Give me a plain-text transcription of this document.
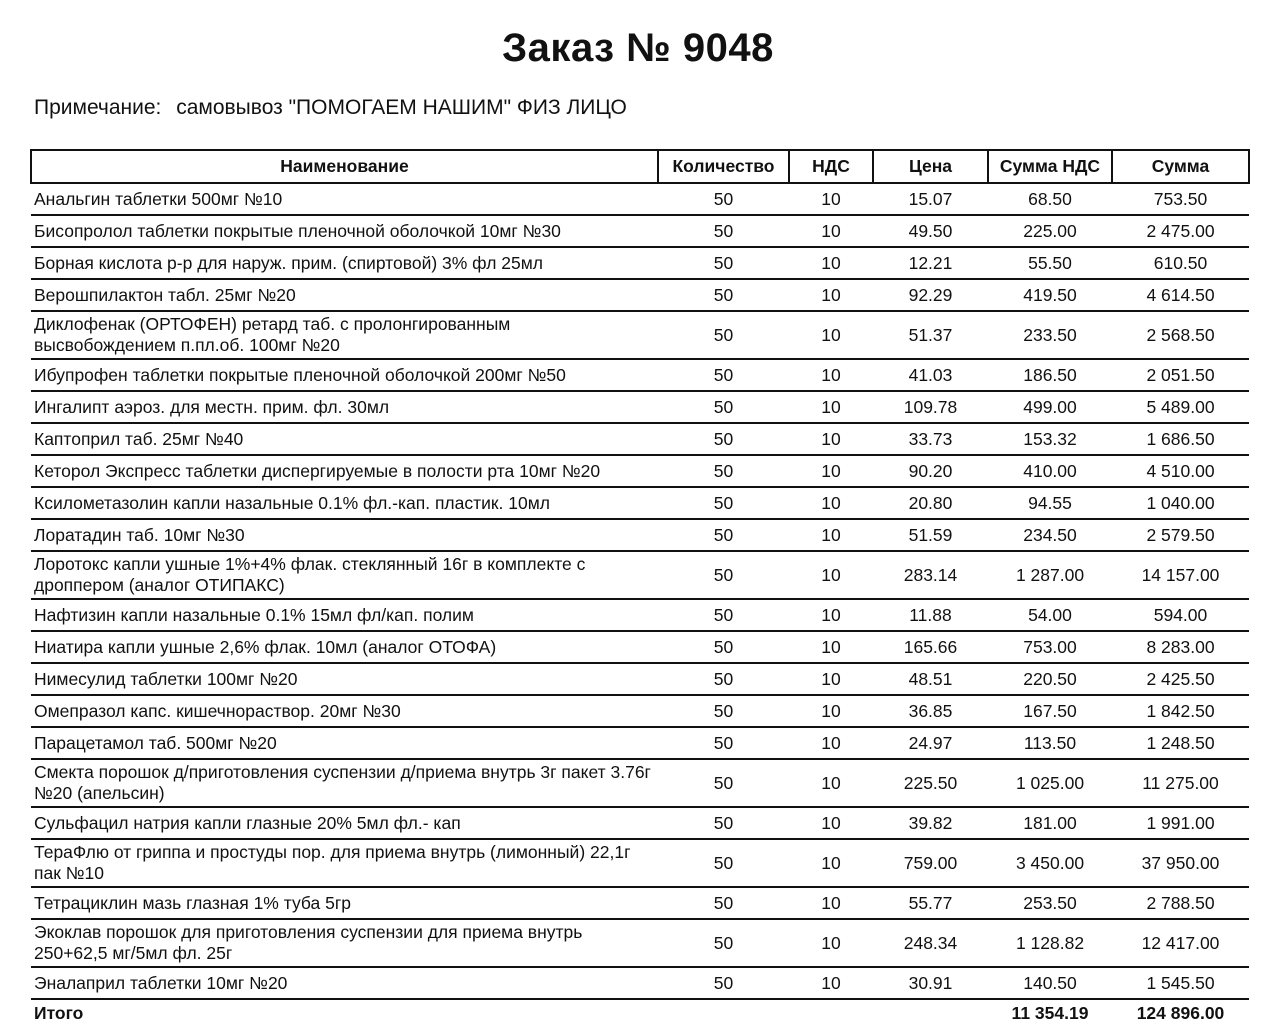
Заказ № 9048
Примечание: самовывоз "ПОМОГАЕМ НАШИМ" ФИЗ ЛИЦО
Наименование	Количество	НДС	Цена	Сумма НДС	Сумма
Анальгин таблетки 500мг №10	50	10	15.07	68.50	753.50
Бисопролол таблетки покрытые пленочной оболочкой 10мг №30	50	10	49.50	225.00	2 475.00
Борная кислота р-р для наруж. прим. (спиртовой) 3% фл 25мл	50	10	12.21	55.50	610.50
Верошпилактон табл. 25мг №20	50	10	92.29	419.50	4 614.50
Диклофенак (ОРТОФЕН) ретард таб. с пролонгированным высвобождением п.пл.об. 100мг №20	50	10	51.37	233.50	2 568.50
Ибупрофен таблетки покрытые пленочной оболочкой 200мг №50	50	10	41.03	186.50	2 051.50
Ингалипт аэроз. для местн. прим. фл. 30мл	50	10	109.78	499.00	5 489.00
Каптоприл таб. 25мг №40	50	10	33.73	153.32	1 686.50
Кеторол Экспресс таблетки диспергируемые в полости рта 10мг №20	50	10	90.20	410.00	4 510.00
Ксилометазолин капли назальные 0.1% фл.-кап. пластик. 10мл	50	10	20.80	94.55	1 040.00
Лоратадин таб. 10мг №30	50	10	51.59	234.50	2 579.50
Лоротокс капли ушные 1%+4% флак. стеклянный 16г в комплекте с дроппером (аналог ОТИПАКС)	50	10	283.14	1 287.00	14 157.00
Нафтизин капли назальные 0.1% 15мл фл/кап. полим	50	10	11.88	54.00	594.00
Ниатира капли ушные 2,6% флак. 10мл (аналог ОТОФА)	50	10	165.66	753.00	8 283.00
Нимесулид таблетки 100мг №20	50	10	48.51	220.50	2 425.50
Омепразол капс. кишечнораствор. 20мг №30	50	10	36.85	167.50	1 842.50
Парацетамол таб. 500мг №20	50	10	24.97	113.50	1 248.50
Смекта порошок д/приготовления суспензии д/приема внутрь 3г пакет 3.76г №20 (апельсин)	50	10	225.50	1 025.00	11 275.00
Сульфацил натрия капли глазные 20% 5мл фл.- кап	50	10	39.82	181.00	1 991.00
ТераФлю от гриппа и простуды пор. для приема внутрь (лимонный) 22,1г пак №10	50	10	759.00	3 450.00	37 950.00
Тетрациклин мазь глазная 1% туба 5гр	50	10	55.77	253.50	2 788.50
Экоклав порошок для приготовления суспензии для приема внутрь 250+62,5 мг/5мл фл. 25г	50	10	248.34	1 128.82	12 417.00
Эналаприл таблетки 10мг №20	50	10	30.91	140.50	1 545.50
Итого				11 354.19	124 896.00
